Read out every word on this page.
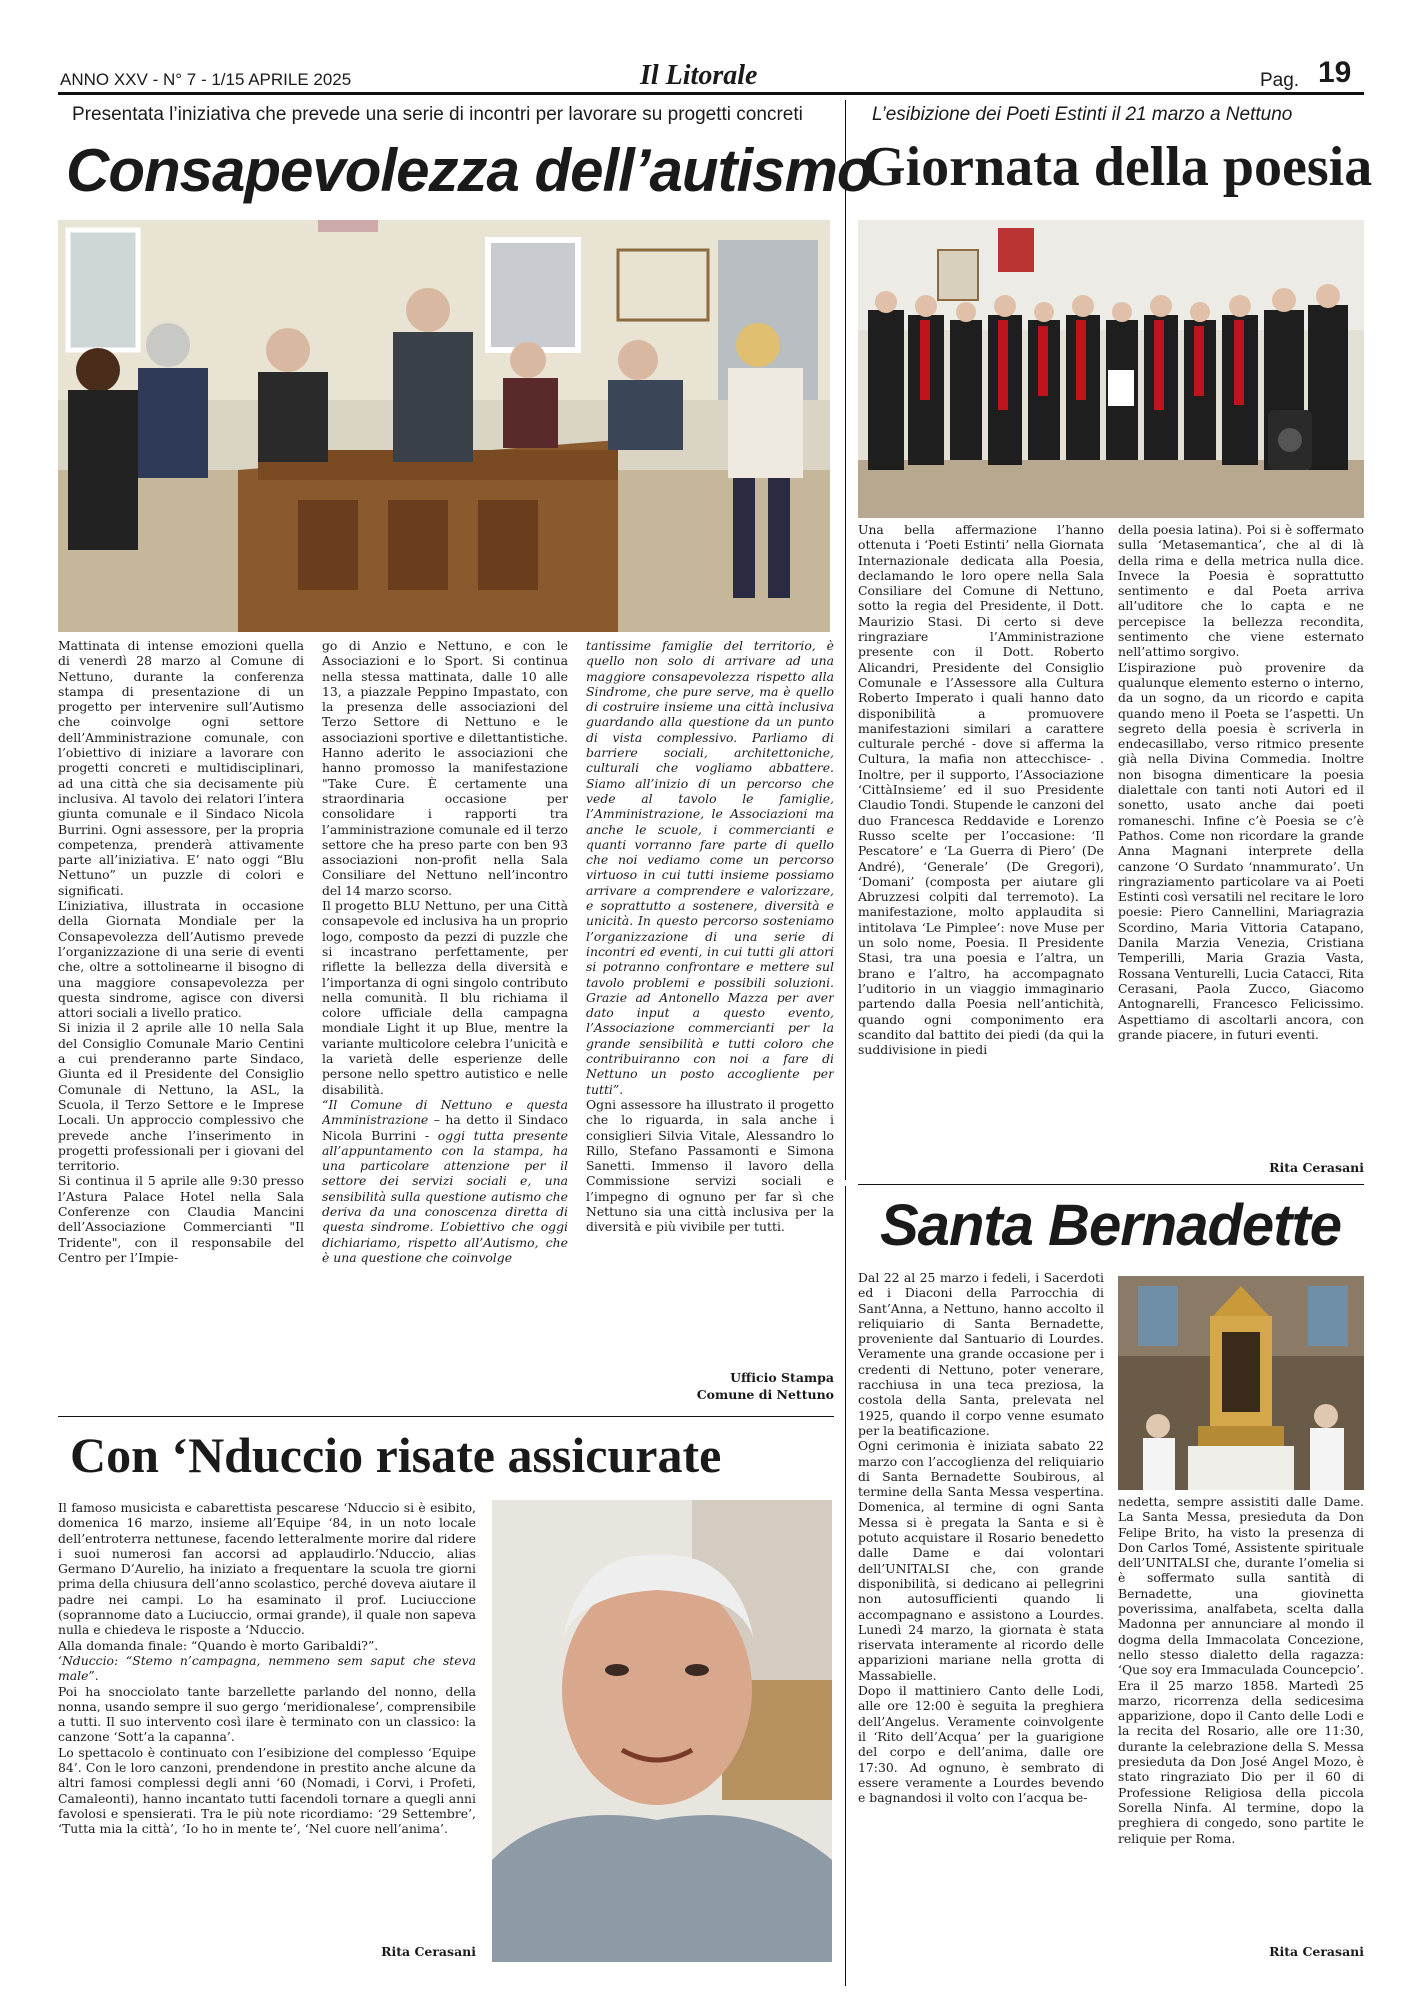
ANNO XXV - N° 7 - 1/15 APRILE 2025	Il Litorale	Pag. 19
Presentata l’iniziativa che prevede una serie di incontri per lavorare su progetti concreti
Consapevolezza dell’autismo

Mattinata di intense emozioni quella di venerdì 28 marzo al Comune di Nettuno, durante la conferenza stampa di presentazione di un progetto per intervenire sull’Autismo che coinvolge ogni settore dell’Amministrazione comunale, con l’obiettivo di iniziare a lavorare con progetti concreti e multidisciplinari, ad una città che sia decisamente più inclusiva. Al tavolo dei relatori l’intera giunta comunale e il Sindaco Nicola Burrini. Ogni assessore, per la propria competenza, prenderà attivamente parte all’iniziativa. E’ nato oggi “Blu Nettuno” un puzzle di colori e significati.

L’iniziativa, illustrata in occasione della Giornata Mondiale per la Consapevolezza dell’Autismo prevede l’organizzazione di una serie di eventi che, oltre a sottolinearne il bisogno di una maggiore consapevolezza per questa sindrome, agisce con diversi attori sociali a livello pratico.

Si inizia il 2 aprile alle 10 nella Sala del Consiglio Comunale Mario Centini a cui prenderanno parte Sindaco, Giunta ed il Presidente del Consiglio Comunale di Nettuno, la ASL, la Scuola, il Terzo Settore e le Imprese Locali. Un approccio complessivo che prevede anche l’inserimento in progetti professionali per i giovani del territorio.

Si continua il 5 aprile alle 9:30 presso l’Astura Palace Hotel nella Sala Conferenze con Claudia Mancini dell’Associazione Commercianti "Il Tridente", con il responsabile del Centro per l’Impie-

go di Anzio e Nettuno, e con le Associazioni e lo Sport. Si continua nella stessa mattinata, dalle 10 alle 13, a piazzale Peppino Impastato, con la presenza delle associazioni del Terzo Settore di Nettuno e le associazioni sportive e dilettantistiche. Hanno aderito le associazioni che hanno promosso la manifestazione "Take Cure. È certamente una straordinaria occasione per consolidare i rapporti tra l’amministrazione comunale ed il terzo settore che ha preso parte con ben 93 associazioni non-profit nella Sala Consiliare del Nettuno nell’incontro del 14 marzo scorso.

Il progetto BLU Nettuno, per una Città consapevole ed inclusiva ha un proprio logo, composto da pezzi di puzzle che si incastrano perfettamente, per riflette la bellezza della diversità e l’importanza di ogni singolo contributo nella comunità. Il blu richiama il colore ufficiale della campagna mondiale Light it up Blue, mentre la variante multicolore celebra l’unicità e la varietà delle esperienze delle persone nello spettro autistico e nelle disabilità.

“Il Comune di Nettuno e questa Amministrazione – ha detto il Sindaco Nicola Burrini - oggi tutta presente all’appuntamento con la stampa, ha una particolare attenzione per il settore dei servizi sociali e, una sensibilità sulla questione autismo che deriva da una conoscenza diretta di questa sindrome. L’obiettivo che oggi dichiariamo, rispetto all’Autismo, che è una questione che coinvolge

tantissime famiglie del territorio, è quello non solo di arrivare ad una maggiore consapevolezza rispetto alla Sindrome, che pure serve, ma è quello di costruire insieme una città inclusiva guardando alla questione da un punto di vista complessivo. Parliamo di barriere sociali, architettoniche, culturali che vogliamo abbattere. Siamo all’inizio di un percorso che vede al tavolo le famiglie, l’Amministrazione, le Associazioni ma anche le scuole, i commercianti e quanti vorranno fare parte di quello che noi vediamo come un percorso virtuoso in cui tutti insieme possiamo arrivare a comprendere e valorizzare, e soprattutto a sostenere, diversità e unicità. In questo percorso sosteniamo l’organizzazione di una serie di incontri ed eventi, in cui tutti gli attori si potranno confrontare e mettere sul tavolo problemi e possibili soluzioni. Grazie ad Antonello Mazza per aver dato input a questo evento, l’Associazione commercianti per la grande sensibilità e tutti coloro che contribuiranno con noi a fare di Nettuno un posto accogliente per tutti”.

Ogni assessore ha illustrato il progetto che lo riguarda, in sala anche i consiglieri Silvia Vitale, Alessandro lo Rillo, Stefano Passamonti e Simona Sanetti. Immenso il lavoro della Commissione servizi sociali e l’impegno di ognuno per far sì che Nettuno sia una città inclusiva per la diversità e più vivibile per tutti.

Ufficio Stampa
Comune di Nettuno
L’esibizione dei Poeti Estinti il 21 marzo a Nettuno
Giornata della poesia
Una bella affermazione l’hanno ottenuta i ‘Poeti Estinti’ nella Giornata Internazionale dedicata alla Poesia, declamando le loro opere nella Sala Consiliare del Comune di Nettuno, sotto la regia del Presidente, il Dott. Maurizio Stasi. Di certo si deve ringraziare l’Amministrazione presente con il Dott. Roberto Alicandri, Presidente del Consiglio Comunale e l’Assessore alla Cultura Roberto Imperato i quali hanno dato disponibilità a promuovere manifestazioni similari a carattere culturale perché - dove si afferma la Cultura, la mafia non attecchisce- . Inoltre, per il supporto, l’Associazione ‘CittàInsieme’ ed il suo Presidente Claudio Tondi. Stupende le canzoni del duo Francesca Reddavide e Lorenzo Russo scelte per l’occasione: ‘Il Pescatore’ e ‘La Guerra di Piero’ (De André), ‘Generale’ (De Gregori), ‘Domani’ (composta per aiutare gli Abruzzesi colpiti dal terremoto). La manifestazione, molto applaudita si intitolava ‘Le Pimplee’: nove Muse per un solo nome, Poesia. Il Presidente Stasi, tra una poesia e l’altra, un brano e l’altro, ha accompagnato l’uditorio in un viaggio immaginario partendo dalla Poesia nell’antichità, quando ogni componimento era scandito dal battito dei piedi (da qui la suddivisione in piedi

della poesia latina). Poi si è soffermato sulla ‘Metasemantica’, che al di là della rima e della metrica nulla dice. Invece la Poesia è soprattutto sentimento e dal Poeta arriva all’uditore che lo capta e ne percepisce la bellezza recondita, sentimento che viene esternato nell’attimo sorgivo.

L’ispirazione può provenire da qualunque elemento esterno o interno, da un sogno, da un ricordo e capita quando meno il Poeta se l’aspetti. Un segreto della poesia è scriverla in endecasillabo, verso ritmico presente già nella Divina Commedia. Inoltre non bisogna dimenticare la poesia dialettale con tanti noti Autori ed il sonetto, usato anche dai poeti romaneschi. Infine c’è Poesia se c’è Pathos. Come non ricordare la grande Anna Magnani interprete della canzone ‘O Surdato ‘nnammurato’. Un ringraziamento particolare va ai Poeti Estinti così versatili nel recitare le loro poesie: Piero Cannellini, Mariagrazia Scordino, Maria Vittoria Catapano, Danila Marzia Venezia, Cristiana Temperilli, Maria Grazia Vasta, Rossana Venturelli, Lucia Catacci, Rita Cerasani, Paola Zucco, Giacomo Antognarelli, Francesco Felicissimo. Aspettiamo di ascoltarli ancora, con grande piacere, in futuri eventi.

Rita Cerasani
Santa Bernadette

Dal 22 al 25 marzo i fedeli, i Sacerdoti ed i Diaconi della Parrocchia di Sant’Anna, a Nettuno, hanno accolto il reliquiario di Santa Bernadette, proveniente dal Santuario di Lourdes. Veramente una grande occasione per i credenti di Nettuno, poter venerare, racchiusa in una teca preziosa, la costola della Santa, prelevata nel 1925, quando il corpo venne esumato per la beatificazione.

Ogni cerimonia è iniziata sabato 22 marzo con l’accoglienza del reliquiario di Santa Bernadette Soubirous, al termine della Santa Messa vespertina. Domenica, al termine di ogni Santa Messa si è pregata la Santa e si è potuto acquistare il Rosario benedetto dalle Dame e dai volontari dell’UNITALSI che, con grande disponibilità, si dedicano ai pellegrini non autosufficienti quando li accompagnano e assistono a Lourdes. Lunedì 24 marzo, la giornata è stata riservata interamente al ricordo delle apparizioni mariane nella grotta di Massabielle.

Dopo il mattiniero Canto delle Lodi, alle ore 12:00 è seguita la preghiera dell’Angelus. Veramente coinvolgente il ‘Rito dell’Acqua’ per la guarigione del corpo e dell’anima, dalle ore 17:30. Ad ognuno, è sembrato di essere veramente a Lourdes bevendo e bagnandosi il volto con l’acqua be-

nedetta, sempre assistiti dalle Dame. La Santa Messa, presieduta da Don Felipe Brito, ha visto la presenza di Don Carlos Tomé, Assistente spirituale dell’UNITALSI che, durante l’omelia si è soffermato sulla santità di Bernadette, una giovinetta poverissima, analfabeta, scelta dalla Madonna per annunciare al mondo il dogma della Immacolata Concezione, nello stesso dialetto della ragazza: ‘Que soy era Immaculada Councepcio’. Era il 25 marzo 1858. Martedì 25 marzo, ricorrenza della sedicesima apparizione, dopo il Canto delle Lodi e la recita del Rosario, alle ore 11:30, durante la celebrazione della S. Messa presieduta da Don José Angel Mozo, è stato ringraziato Dio per il 60 di Professione Religiosa della piccola Sorella Ninfa. Al termine, dopo la preghiera di congedo, sono partite le reliquie per Roma.
Rita Cerasani
Con ‘Nduccio risate assicurate

Il famoso musicista e cabarettista pescarese ‘Nduccio si è esibito, domenica 16 marzo, insieme all’Equipe ‘84, in un noto locale dell’entroterra nettunese, facendo letteralmente morire dal ridere i suoi numerosi fan accorsi ad applaudirlo.’Nduccio, alias Germano D’Aurelio, ha iniziato a frequentare la scuola tre giorni prima della chiusura dell’anno scolastico, perché doveva aiutare il padre nei campi. Lo ha esaminato il prof. Luciuccione (soprannome dato a Luciuccio, ormai grande), il quale non sapeva nulla e chiedeva le risposte a ‘Nduccio.

Alla domanda finale: “Quando è morto Garibaldi?”.

‘Nduccio: “Stemo n’campagna, nemmeno sem saput che steva male”.

Poi ha snocciolato tante barzellette parlando del nonno, della nonna, usando sempre il suo gergo ‘meridionalese’, comprensibile a tutti. Il suo intervento così ilare è terminato con un classico: la canzone ‘Sott’a la capanna’.

Lo spettacolo è continuato con l’esibizione del complesso ‘Equipe 84’. Con le loro canzoni, prendendone in prestito anche alcune da altri famosi complessi degli anni ‘60 (Nomadi, i Corvi, i Profeti, Camaleonti), hanno incantato tutti facendoli tornare a quegli anni favolosi e spensierati. Tra le più note ricordiamo: ‘29 Settembre’, ‘Tutta mia la città’, ‘Io ho in mente te’, ‘Nel cuore nell’anima’.

Rita Cerasani
